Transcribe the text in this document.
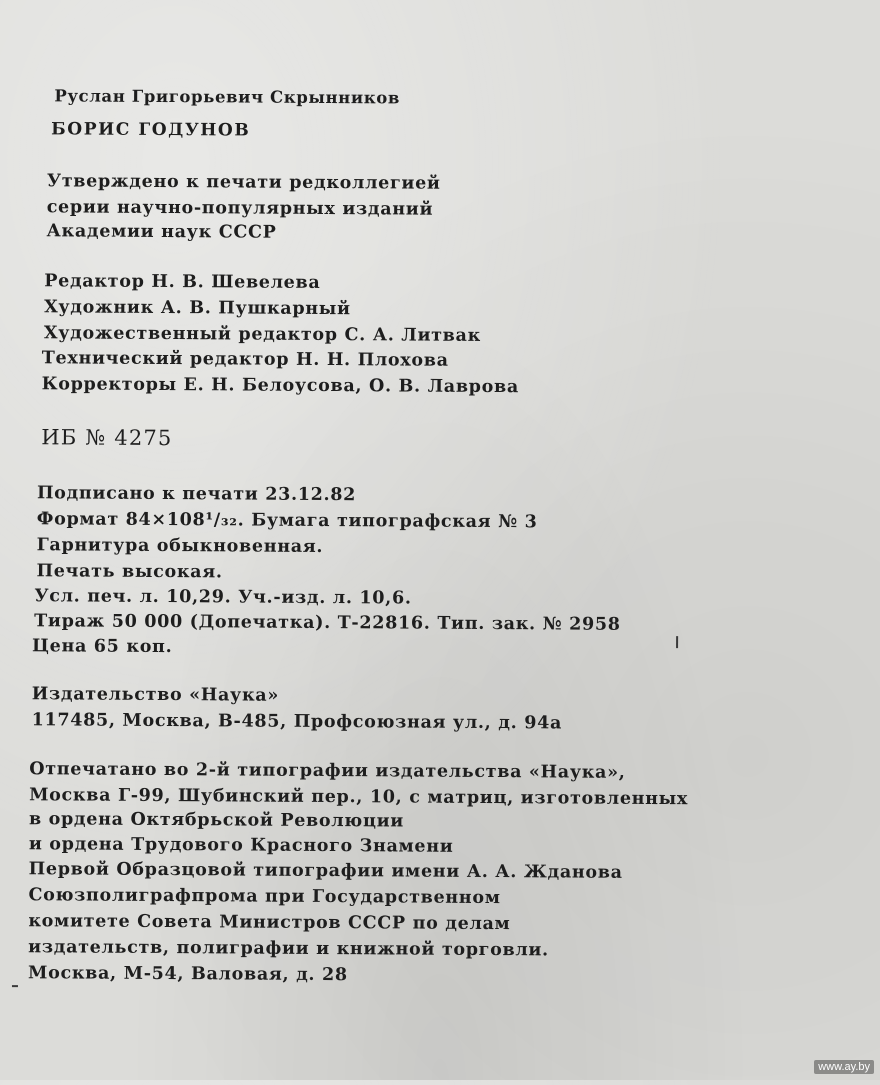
Руслан Григорьевич Скрынников
БОРИС ГОДУНОВ
Утверждено к печати редколлегией
серии научно-популярных изданий
Академии наук СССР
Редактор Н. В. Шевелева
Художник А. В. Пушкарный
Художественный редактор С. А. Литвак
Технический редактор Н. Н. Плохова
Корректоры Е. Н. Белоусова, О. В. Лаврова
ИБ № 4275
Подписано к печати 23.12.82
Формат 84×108¹/₃₂. Бумага типографская № 3
Гарнитура обыкновенная.
Печать высокая.
Усл. печ. л. 10,29. Уч.-изд. л. 10,6.
Тираж 50 000 (Допечатка). Т-22816. Тип. зак. № 2958
Цена 65 коп.
Издательство «Наука»
117485, Москва, В-485, Профсоюзная ул., д. 94а
Отпечатано во 2-й типографии издательства «Наука»,
Москва Г-99, Шубинский пер., 10, с матриц, изготовленных
в ордена Октябрьской Революции
и ордена Трудового Красного Знамени
Первой Образцовой типографии имени А. А. Жданова
Союзполиграфпрома при Государственном
комитете Совета Министров СССР по делам
издательств, полиграфии и книжной торговли.
Москва, М-54, Валовая, д. 28
www.ay.by
